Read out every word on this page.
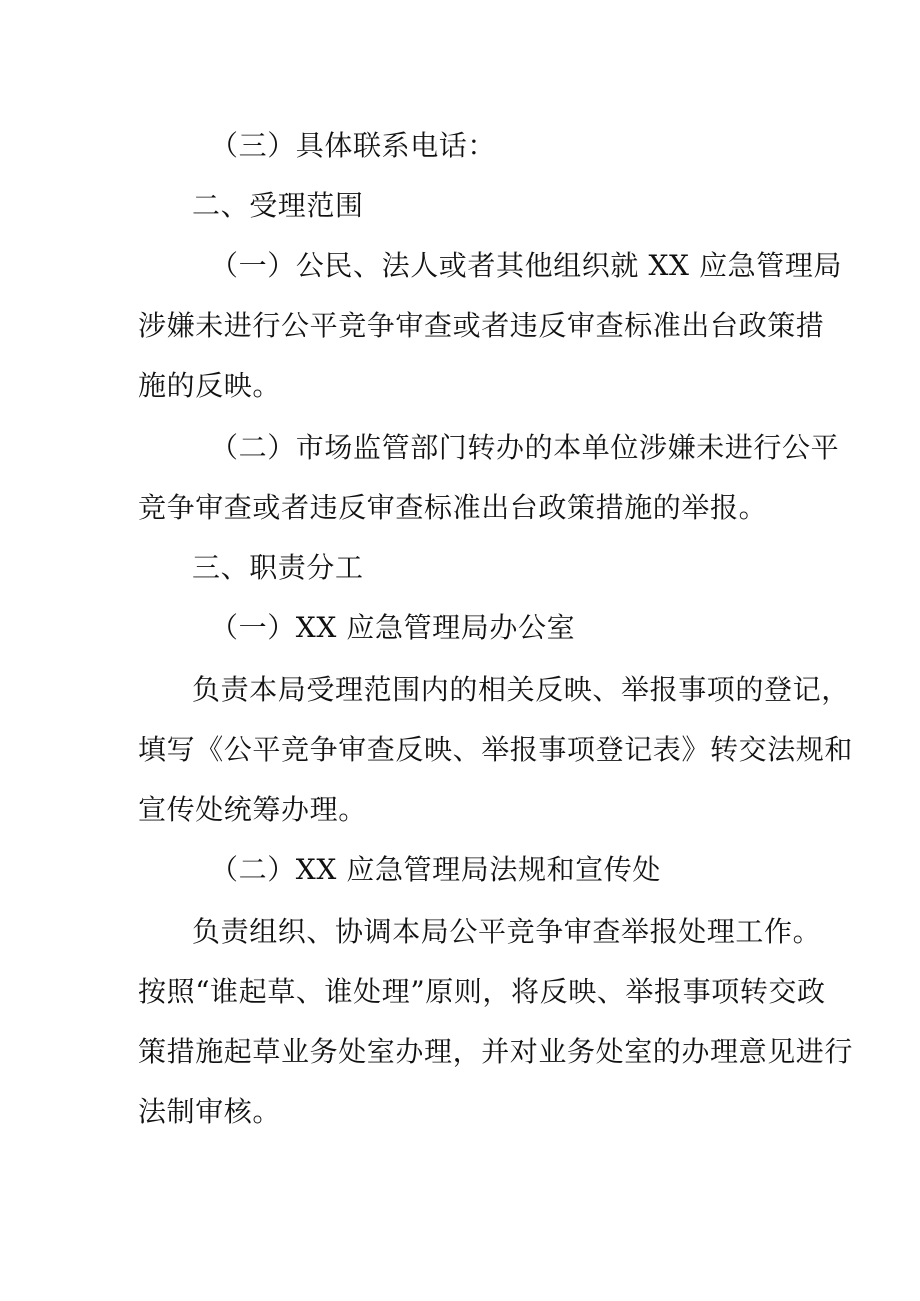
（三）具体联系电话：
二、受理范围
（一）公民、法人或者其他组织就 XX 应急管理局
涉嫌未进行公平竞争审查或者违反审查标准出台政策措
施的反映。
（二）市场监管部门转办的本单位涉嫌未进行公平
竞争审查或者违反审查标准出台政策措施的举报。
三、职责分工
（一）XX 应急管理局办公室
负责本局受理范围内的相关反映、举报事项的登记，
填写《公平竞争审查反映、举报事项登记表》转交法规和
宣传处统筹办理。
（二）XX 应急管理局法规和宣传处
负责组织、协调本局公平竞争审查举报处理工作。
按照“谁起草、谁处理”原则，将反映、举报事项转交政
策措施起草业务处室办理，并对业务处室的办理意见进行
法制审核。
